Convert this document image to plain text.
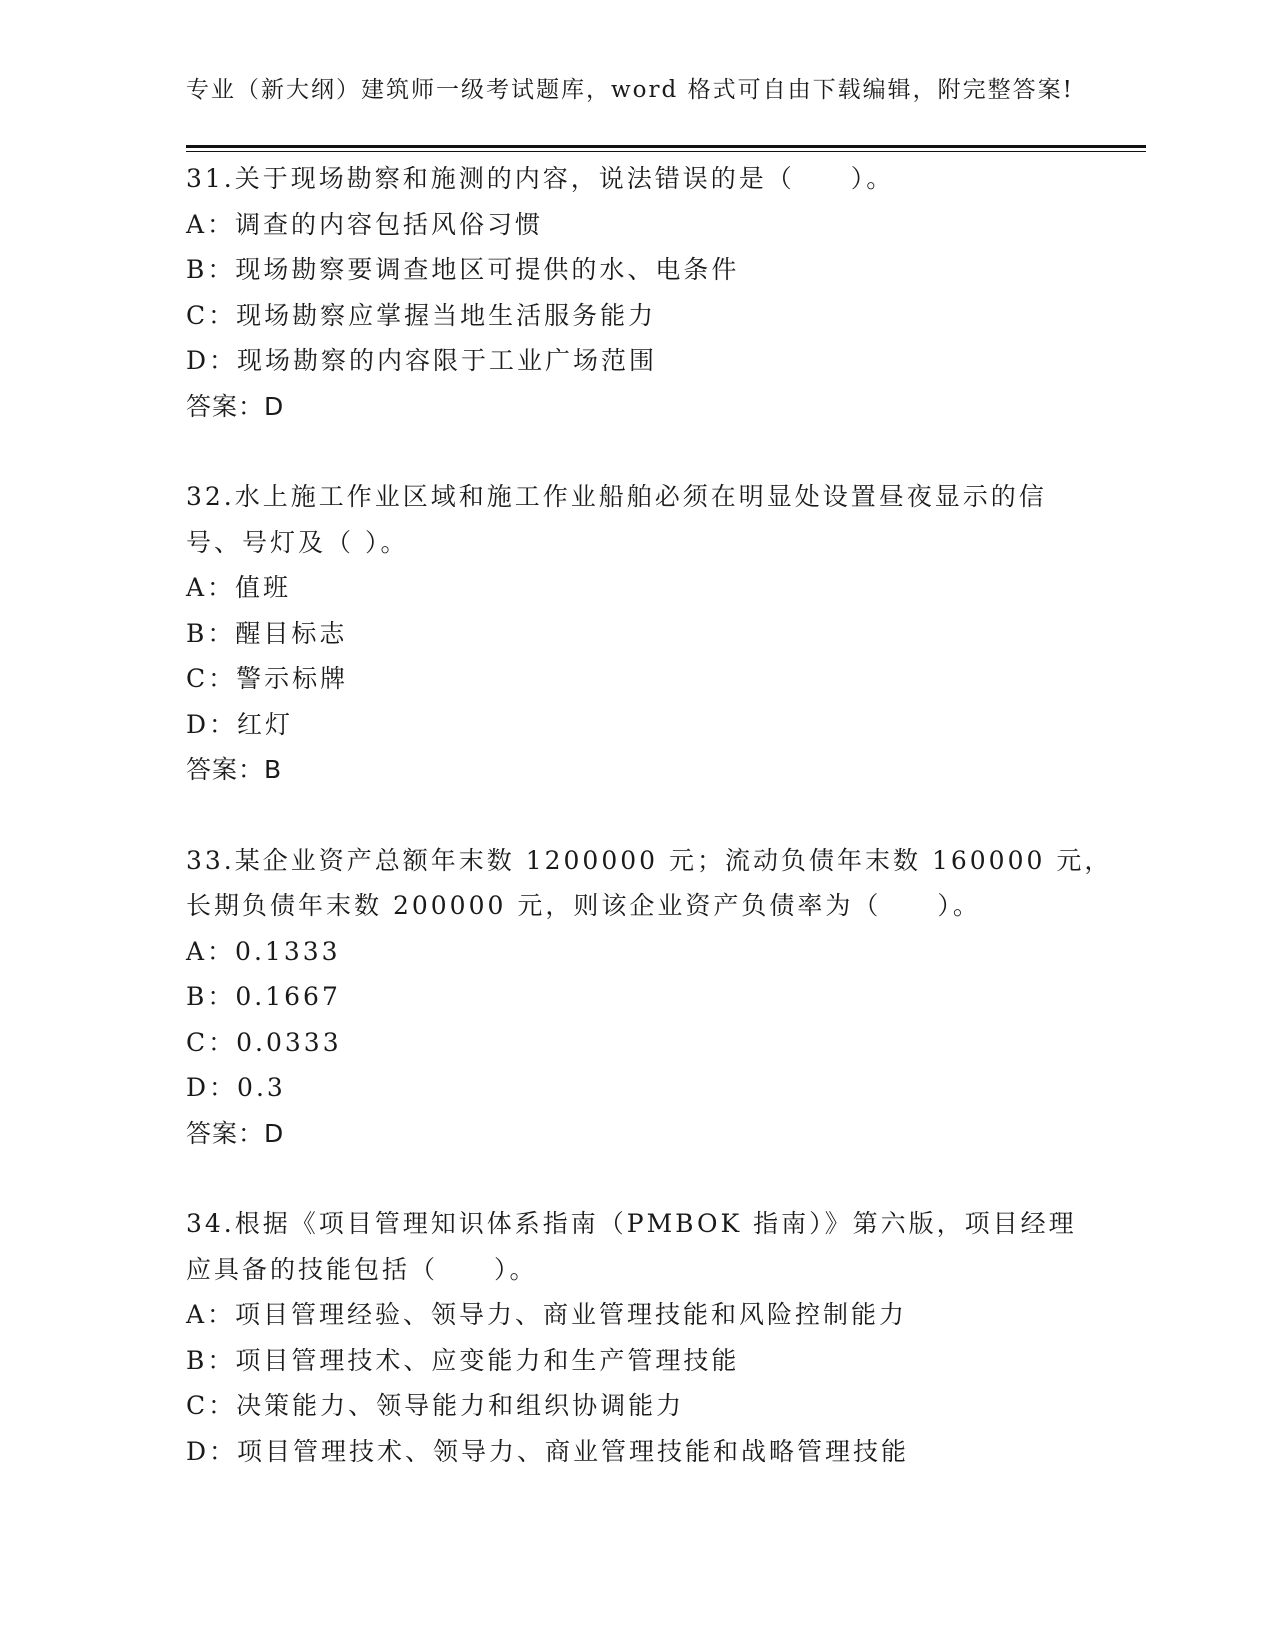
专业（新大纲）建筑师一级考试题库，word 格式可自由下载编辑，附完整答案!
31.关于现场勘察和施测的内容，说法错误的是（　　）。
A：调查的内容包括风俗习惯
B：现场勘察要调查地区可提供的水、电条件
C：现场勘察应掌握当地生活服务能力
D：现场勘察的内容限于工业广场范围
答案：D
32.水上施工作业区域和施工作业船舶必须在明显处设置昼夜显示的信
号、号灯及（ ）。
A：值班
B：醒目标志
C：警示标牌
D：红灯
答案：B
33.某企业资产总额年末数 1200000 元；流动负债年末数 160000 元，
长期负债年末数 200000 元，则该企业资产负债率为（　　）。
A：0.1333
B：0.1667
C：0.0333
D：0.3
答案：D
34.根据《项目管理知识体系指南（PMBOK 指南）》第六版，项目经理
应具备的技能包括（　　）。
A：项目管理经验、领导力、商业管理技能和风险控制能力
B：项目管理技术、应变能力和生产管理技能
C：决策能力、领导能力和组织协调能力
D：项目管理技术、领导力、商业管理技能和战略管理技能
